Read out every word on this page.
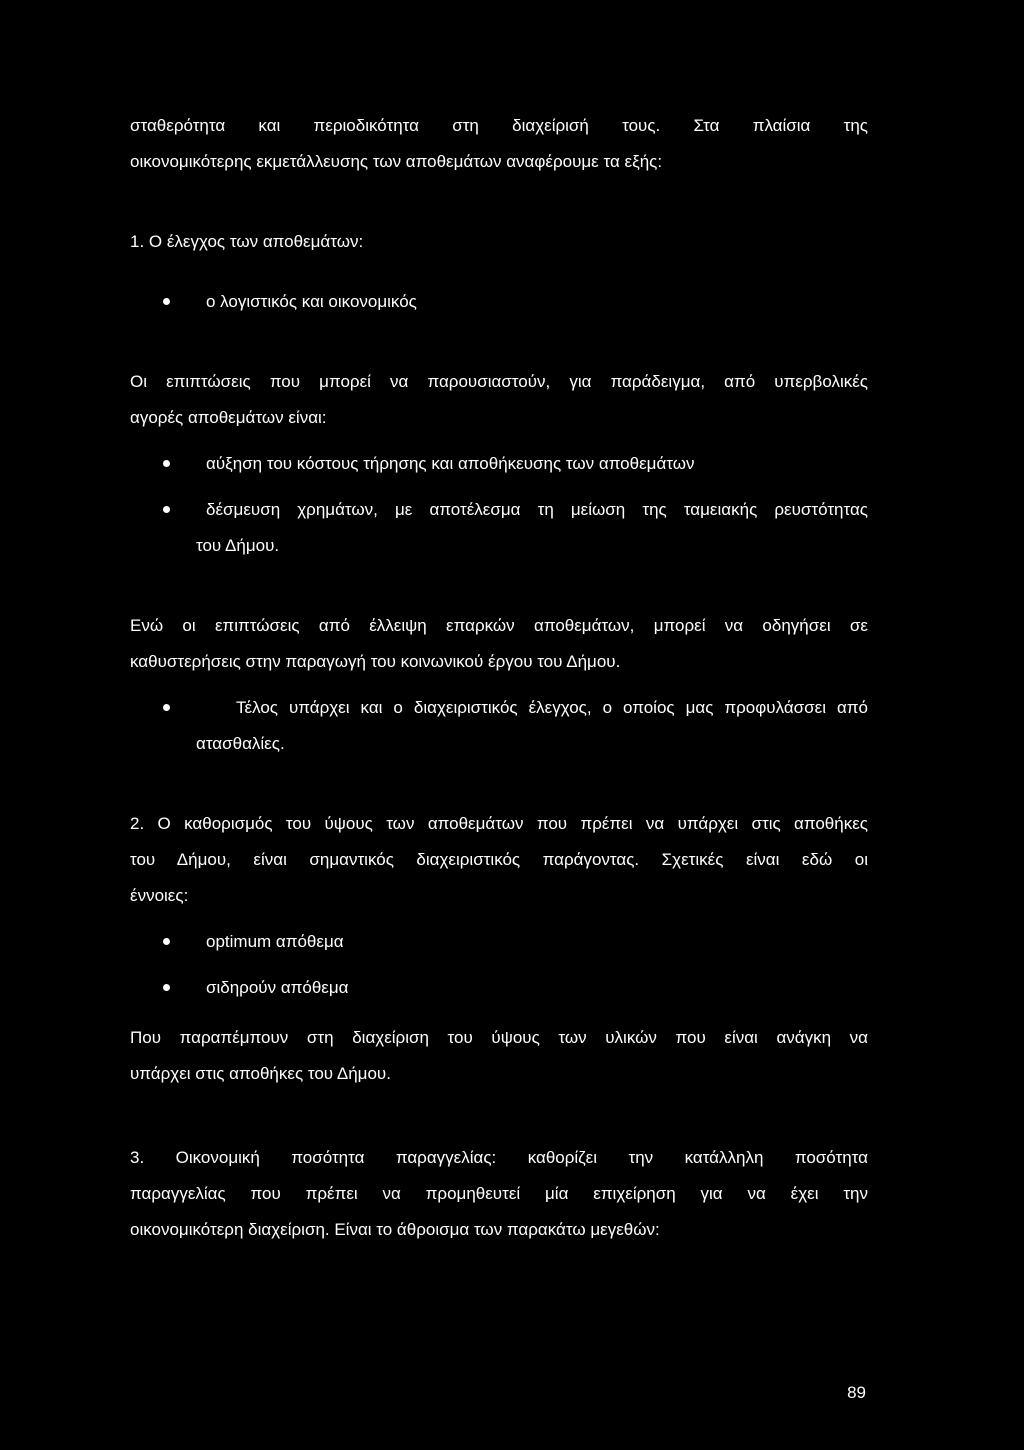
σταθερότητα και περιοδικότητα στη διαχείρισή τους. Στα πλαίσια της
οικονομικότερης εκμετάλλευσης των αποθεμάτων αναφέρουμε τα εξής:
1. Ο έλεγχος των αποθεμάτων:
ο λογιστικός και οικονομικός
Οι επιπτώσεις που μπορεί να παρουσιαστούν, για παράδειγμα, από υπερβολικές
αγορές αποθεμάτων είναι:
αύξηση του κόστους τήρησης και αποθήκευσης των αποθεμάτων
δέσμευση χρημάτων, με αποτέλεσμα τη μείωση της ταμειακής ρευστότητας
του Δήμου.
Ενώ οι επιπτώσεις από έλλειψη επαρκών αποθεμάτων, μπορεί να οδηγήσει σε
καθυστερήσεις στην παραγωγή του κοινωνικού έργου του Δήμου.
Τέλος υπάρχει και ο διαχειριστικός έλεγχος, ο οποίος μας προφυλάσσει από
ατασθαλίες.
2. Ο καθορισμός του ύψους των αποθεμάτων που πρέπει να υπάρχει στις αποθήκες
του Δήμου, είναι σημαντικός διαχειριστικός παράγοντας. Σχετικές είναι εδώ οι
έννοιες:
optimum απόθεμα
σιδηρούν απόθεμα
Που παραπέμπουν στη διαχείριση του ύψους των υλικών που είναι ανάγκη να
υπάρχει στις αποθήκες του Δήμου.
3. Οικονομική ποσότητα παραγγελίας: καθορίζει την κατάλληλη ποσότητα
παραγγελίας που πρέπει να προμηθευτεί μία επιχείρηση για να έχει την
οικονομικότερη διαχείριση. Είναι το άθροισμα των παρακάτω μεγεθών:
89
